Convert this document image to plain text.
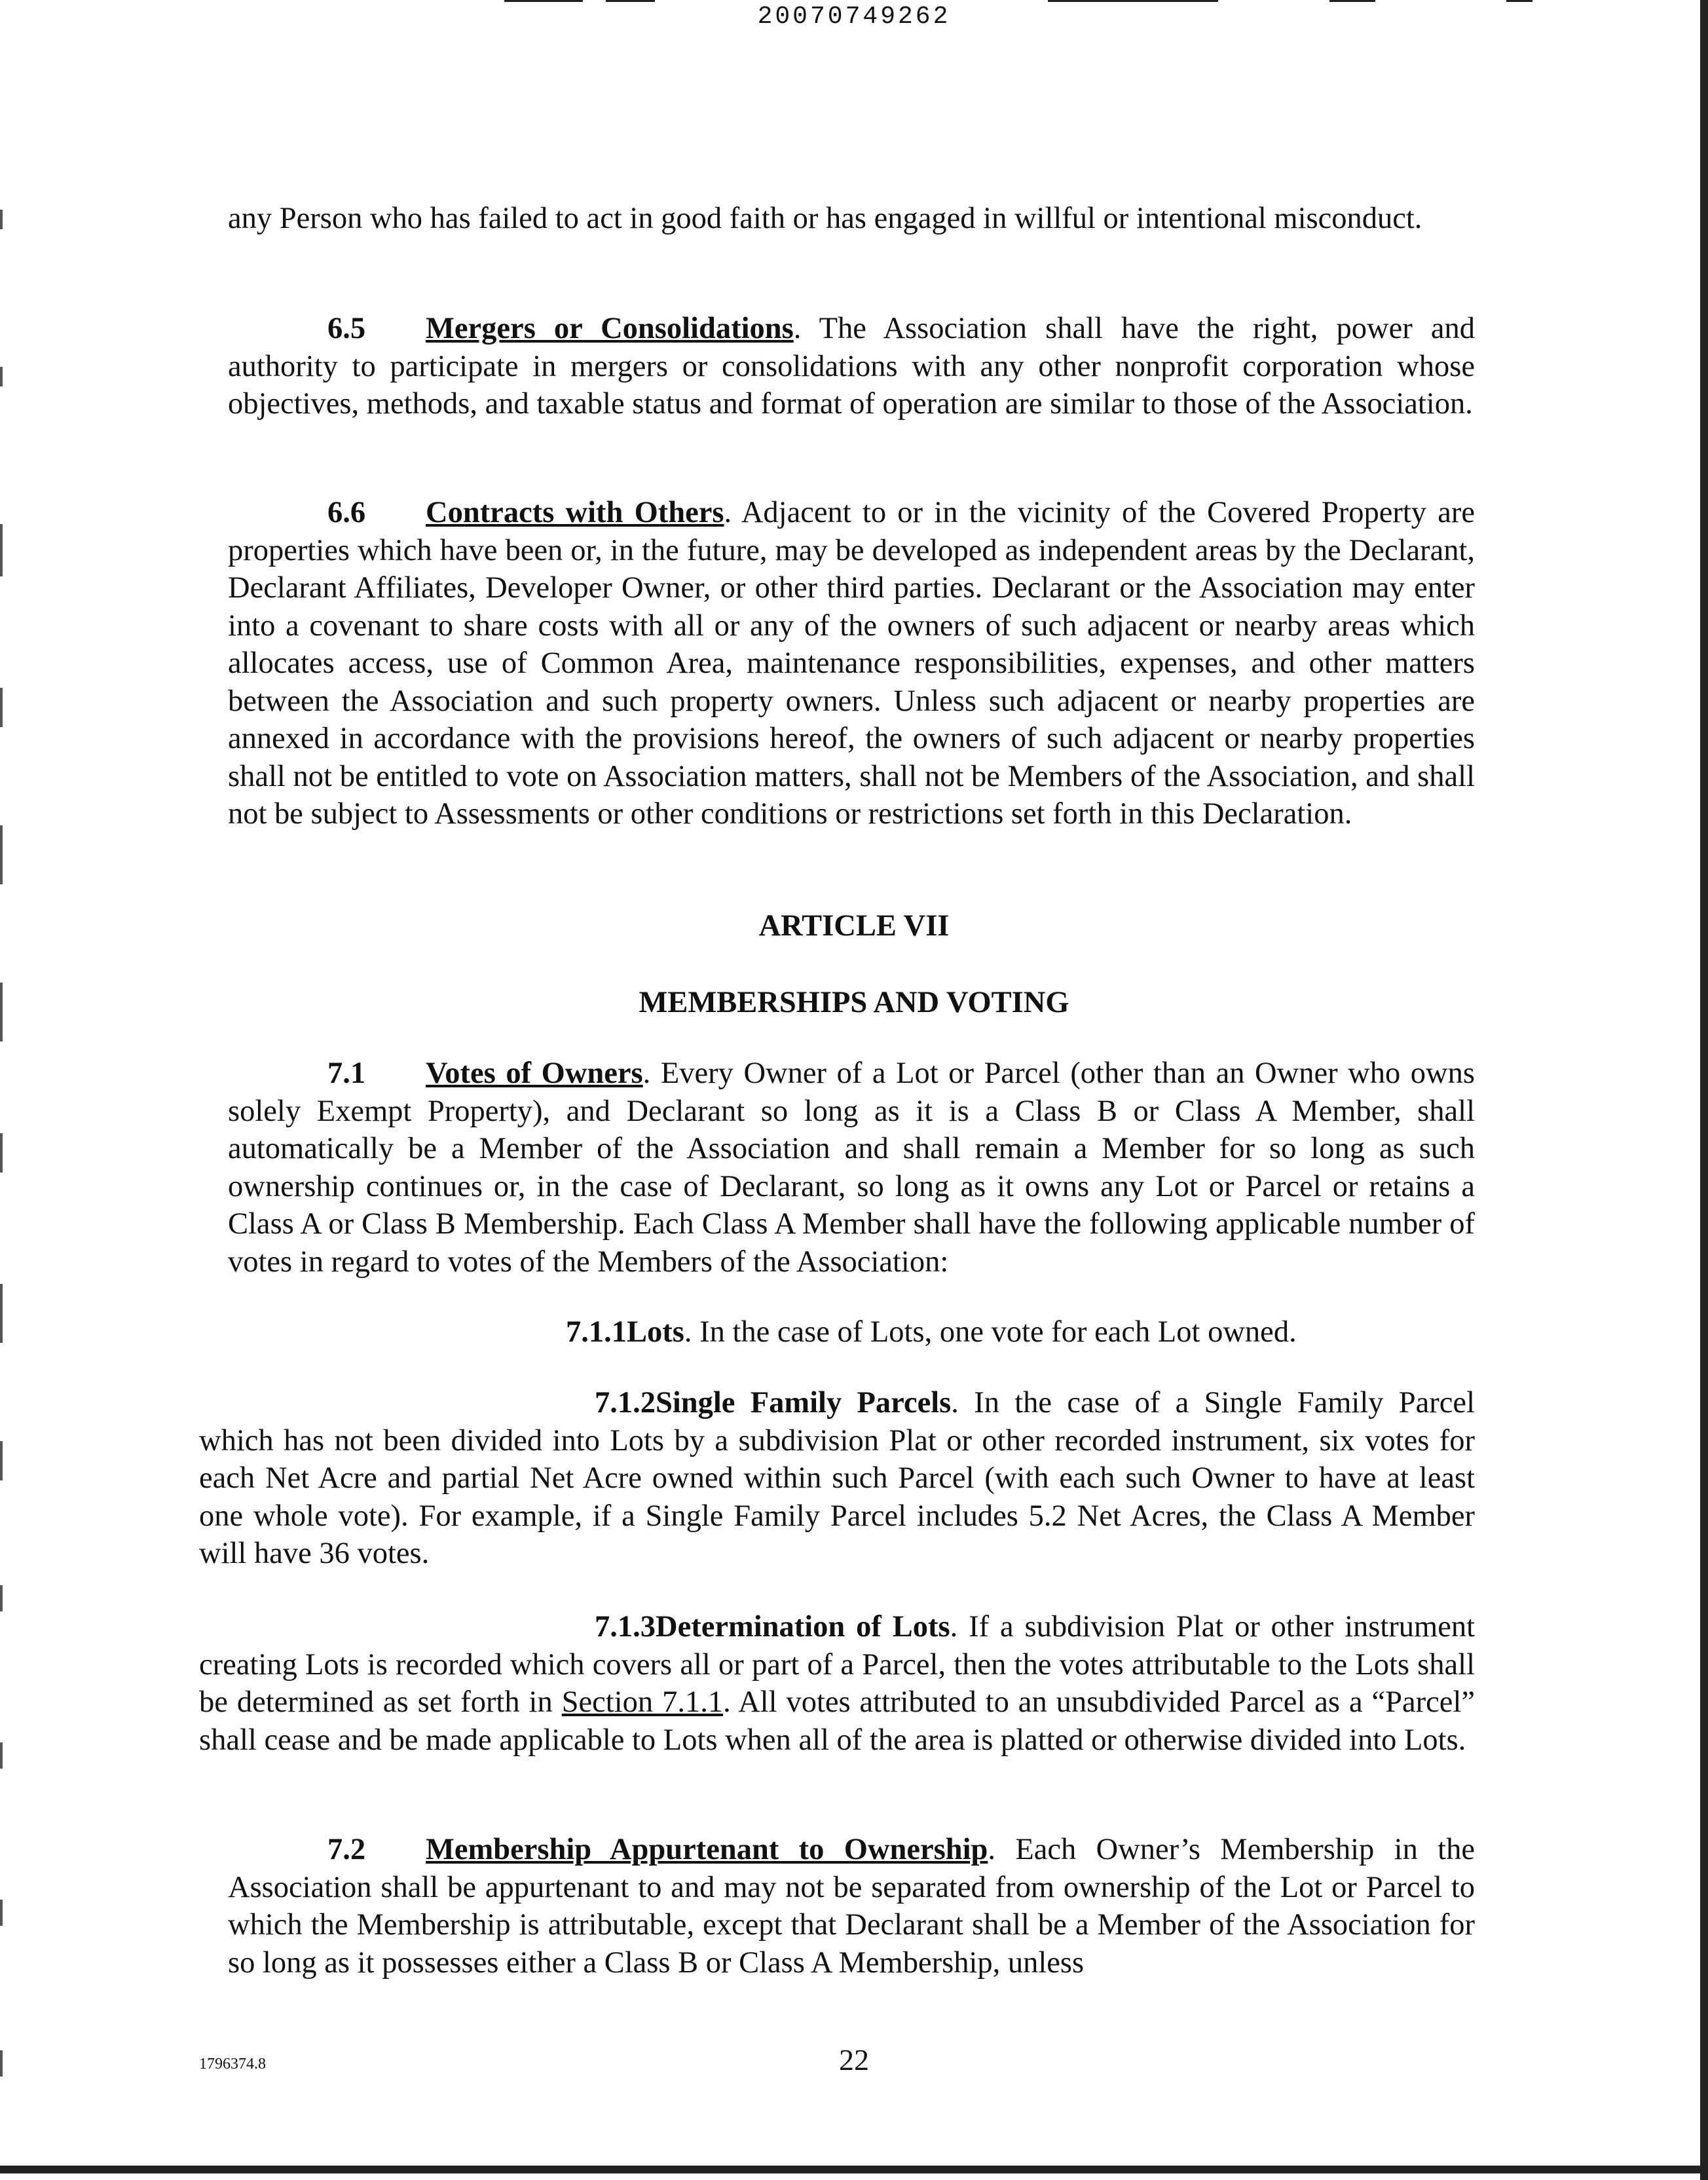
20070749262

any Person who has failed to act in good faith or has engaged in willful or intentional misconduct.

6.5 Mergers or Consolidations. The Association shall have the right, power and authority to participate in mergers or consolidations with any other nonprofit corporation whose objectives, methods, and taxable status and format of operation are similar to those of the Association.

6.6 Contracts with Others. Adjacent to or in the vicinity of the Covered Property are properties which have been or, in the future, may be developed as independent areas by the Declarant, Declarant Affiliates, Developer Owner, or other third parties. Declarant or the Association may enter into a covenant to share costs with all or any of the owners of such adjacent or nearby areas which allocates access, use of Common Area, maintenance responsibilities, expenses, and other matters between the Association and such property owners. Unless such adjacent or nearby properties are annexed in accordance with the provisions hereof, the owners of such adjacent or nearby properties shall not be entitled to vote on Association matters, shall not be Members of the Association, and shall not be subject to Assessments or other conditions or restrictions set forth in this Declaration.

ARTICLE VII

MEMBERSHIPS AND VOTING

7.1 Votes of Owners. Every Owner of a Lot or Parcel (other than an Owner who owns solely Exempt Property), and Declarant so long as it is a Class B or Class A Member, shall automatically be a Member of the Association and shall remain a Member for so long as such ownership continues or, in the case of Declarant, so long as it owns any Lot or Parcel or retains a Class A or Class B Membership. Each Class A Member shall have the following applicable number of votes in regard to votes of the Members of the Association:

7.1.1Lots. In the case of Lots, one vote for each Lot owned.

7.1.2Single Family Parcels. In the case of a Single Family Parcel which has not been divided into Lots by a subdivision Plat or other recorded instrument, six votes for each Net Acre and partial Net Acre owned within such Parcel (with each such Owner to have at least one whole vote). For example, if a Single Family Parcel includes 5.2 Net Acres, the Class A Member will have 36 votes.

7.1.3Determination of Lots. If a subdivision Plat or other instrument creating Lots is recorded which covers all or part of a Parcel, then the votes attributable to the Lots shall be determined as set forth in Section 7.1.1. All votes attributed to an unsubdivided Parcel as a “Parcel” shall cease and be made applicable to Lots when all of the area is platted or otherwise divided into Lots.

7.2 Membership Appurtenant to Ownership. Each Owner’s Membership in the Association shall be appurtenant to and may not be separated from ownership of the Lot or Parcel to which the Membership is attributable, except that Declarant shall be a Member of the Association for so long as it possesses either a Class B or Class A Membership, unless

1796374.8	22
